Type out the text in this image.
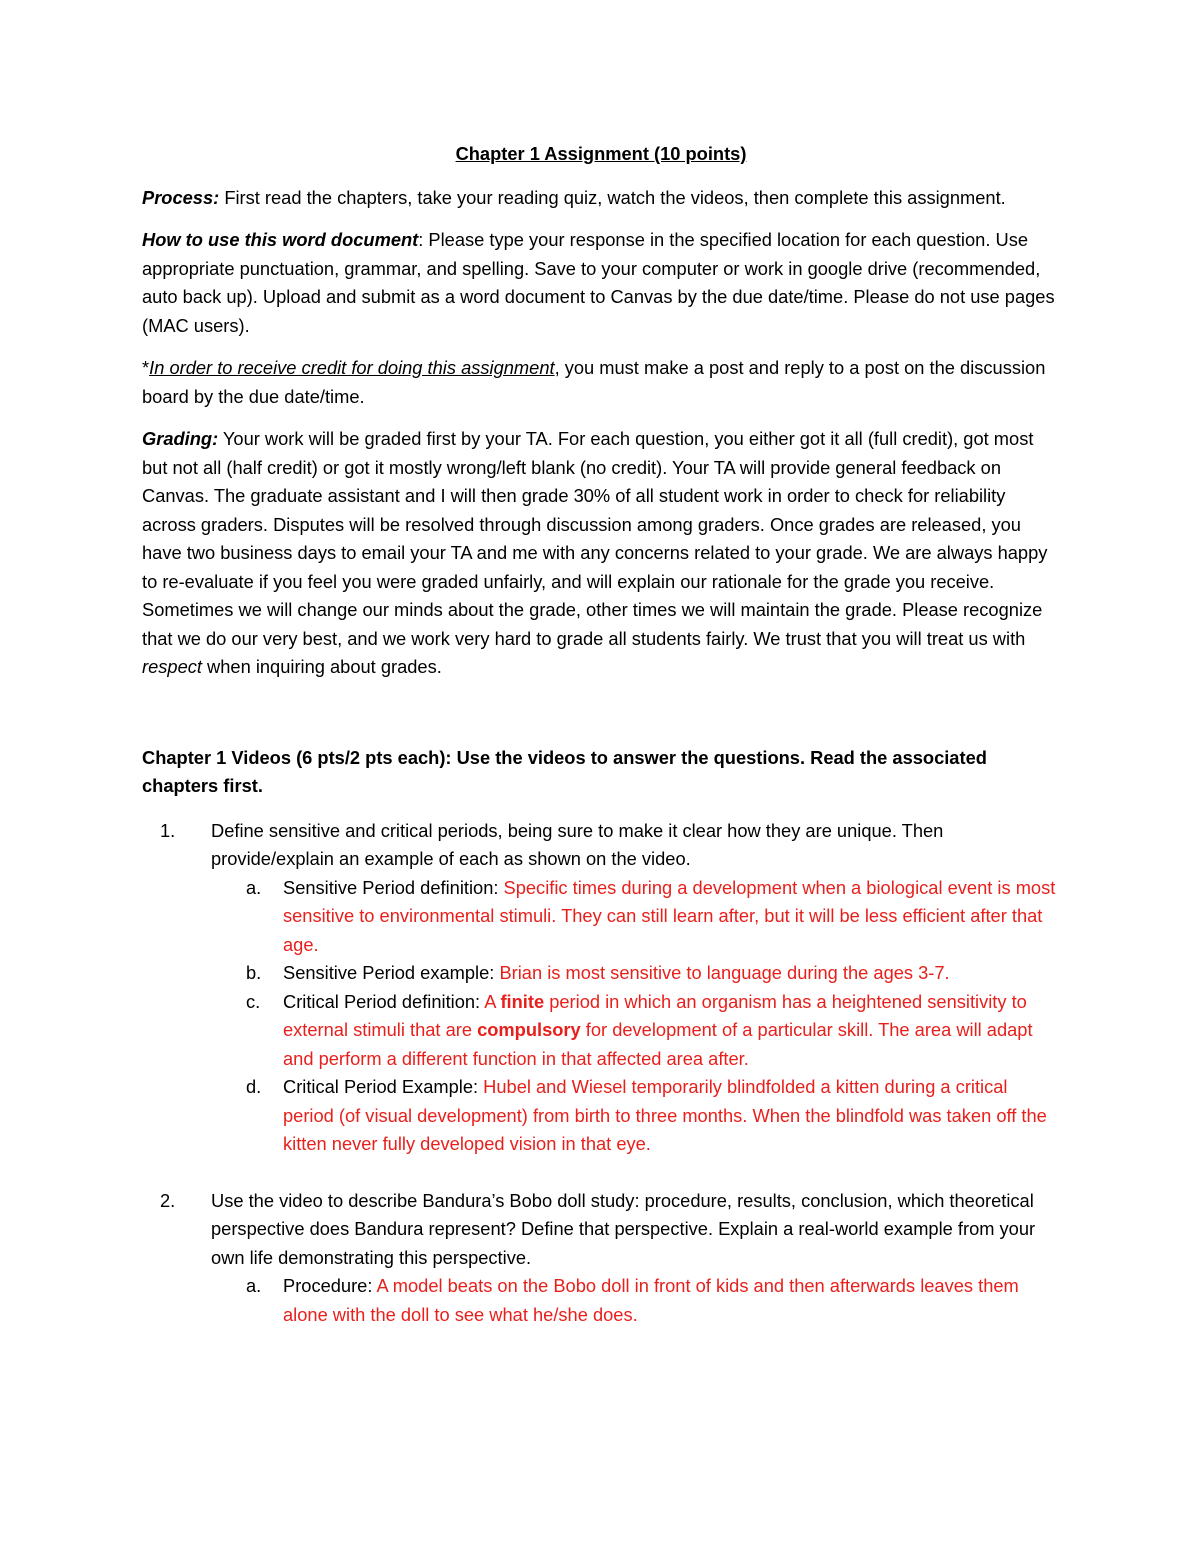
Chapter 1 Assignment (10 points)

Process: First read the chapters, take your reading quiz, watch the videos, then complete this assignment.

How to use this word document: Please type your response in the specified location for each question. Use appropriate punctuation, grammar, and spelling. Save to your computer or work in google drive (recommended, auto back up). Upload and submit as a word document to Canvas by the due date/time. Please do not use pages (MAC users).

*In order to receive credit for doing this assignment, you must make a post and reply to a post on the discussion board by the due date/time.

Grading: Your work will be graded first by your TA. For each question, you either got it all (full credit), got most but not all (half credit) or got it mostly wrong/left blank (no credit). Your TA will provide general feedback on Canvas. The graduate assistant and I will then grade 30% of all student work in order to check for reliability across graders. Disputes will be resolved through discussion among graders. Once grades are released, you have two business days to email your TA and me with any concerns related to your grade. We are always happy to re-evaluate if you feel you were graded unfairly, and will explain our rationale for the grade you receive. Sometimes we will change our minds about the grade, other times we will maintain the grade. Please recognize that we do our very best, and we work very hard to grade all students fairly. We trust that you will treat us with respect when inquiring about grades.

Chapter 1 Videos (6 pts/2 pts each): Use the videos to answer the questions. Read the associated chapters first.
1. Define sensitive and critical periods, being sure to make it clear how they are unique. Then provide/explain an example of each as shown on the video.
a. Sensitive Period definition: Specific times during a development when a biological event is most sensitive to environmental stimuli. They can still learn after, but it will be less efficient after that age.
b. Sensitive Period example: Brian is most sensitive to language during the ages 3-7.
c. Critical Period definition: A finite period in which an organism has a heightened sensitivity to external stimuli that are compulsory for development of a particular skill. The area will adapt and perform a different function in that affected area after.
d. Critical Period Example: Hubel and Wiesel temporarily blindfolded a kitten during a critical period (of visual development) from birth to three months. When the blindfold was taken off the kitten never fully developed vision in that eye.
2. Use the video to describe Bandura’s Bobo doll study: procedure, results, conclusion, which theoretical perspective does Bandura represent? Define that perspective. Explain a real-world example from your own life demonstrating this perspective.
a. Procedure: A model beats on the Bobo doll in front of kids and then afterwards leaves them alone with the doll to see what he/she does.
